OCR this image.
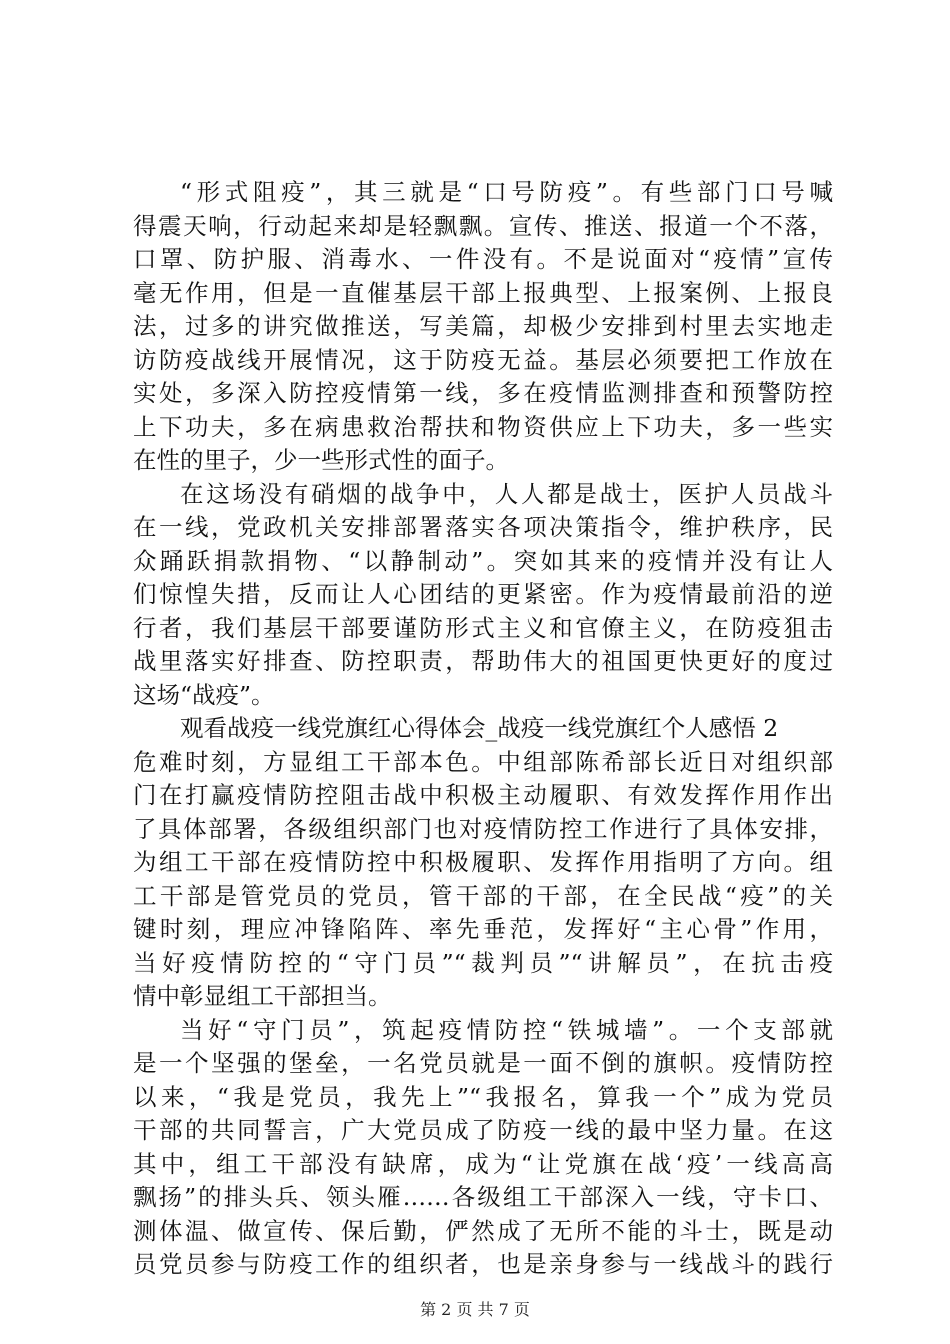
“形式阻疫”，其三就是“口号防疫”。有些部门口号喊
得震天响，行动起来却是轻飘飘。宣传、推送、报道一个不落，
口罩、防护服、消毒水、一件没有。不是说面对“疫情”宣传
毫无作用，但是一直催基层干部上报典型、上报案例、上报良
法，过多的讲究做推送，写美篇，却极少安排到村里去实地走
访防疫战线开展情况，这于防疫无益。基层必须要把工作放在
实处，多深入防控疫情第一线，多在疫情监测排查和预警防控
上下功夫，多在病患救治帮扶和物资供应上下功夫，多一些实
在性的里子，少一些形式性的面子。
在这场没有硝烟的战争中，人人都是战士，医护人员战斗
在一线，党政机关安排部署落实各项决策指令，维护秩序，民
众踊跃捐款捐物、“以静制动”。突如其来的疫情并没有让人
们惊惶失措，反而让人心团结的更紧密。作为疫情最前沿的逆
行者，我们基层干部要谨防形式主义和官僚主义，在防疫狙击
战里落实好排查、防控职责，帮助伟大的祖国更快更好的度过
这场“战疫”。
观看战疫一线党旗红心得体会_战疫一线党旗红个人感悟 2
危难时刻，方显组工干部本色。中组部陈希部长近日对组织部
门在打赢疫情防控阻击战中积极主动履职、有效发挥作用作出
了具体部署，各级组织部门也对疫情防控工作进行了具体安排，
为组工干部在疫情防控中积极履职、发挥作用指明了方向。组
工干部是管党员的党员，管干部的干部，在全民战“疫”的关
键时刻，理应冲锋陷阵、率先垂范，发挥好“主心骨”作用，
当好疫情防控的“守门员”“裁判员”“讲解员”，在抗击疫
情中彰显组工干部担当。
当好“守门员”，筑起疫情防控“铁城墙”。一个支部就
是一个坚强的堡垒，一名党员就是一面不倒的旗帜。疫情防控
以来，“我是党员，我先上”“我报名，算我一个”成为党员
干部的共同誓言，广大党员成了防疫一线的最中坚力量。在这
其中，组工干部没有缺席，成为“让党旗在战‘疫’一线高高
飘扬”的排头兵、领头雁……各级组工干部深入一线，守卡口、
测体温、做宣传、保后勤，俨然成了无所不能的斗士，既是动
员党员参与防疫工作的组织者，也是亲身参与一线战斗的践行
第 2 页 共 7 页
